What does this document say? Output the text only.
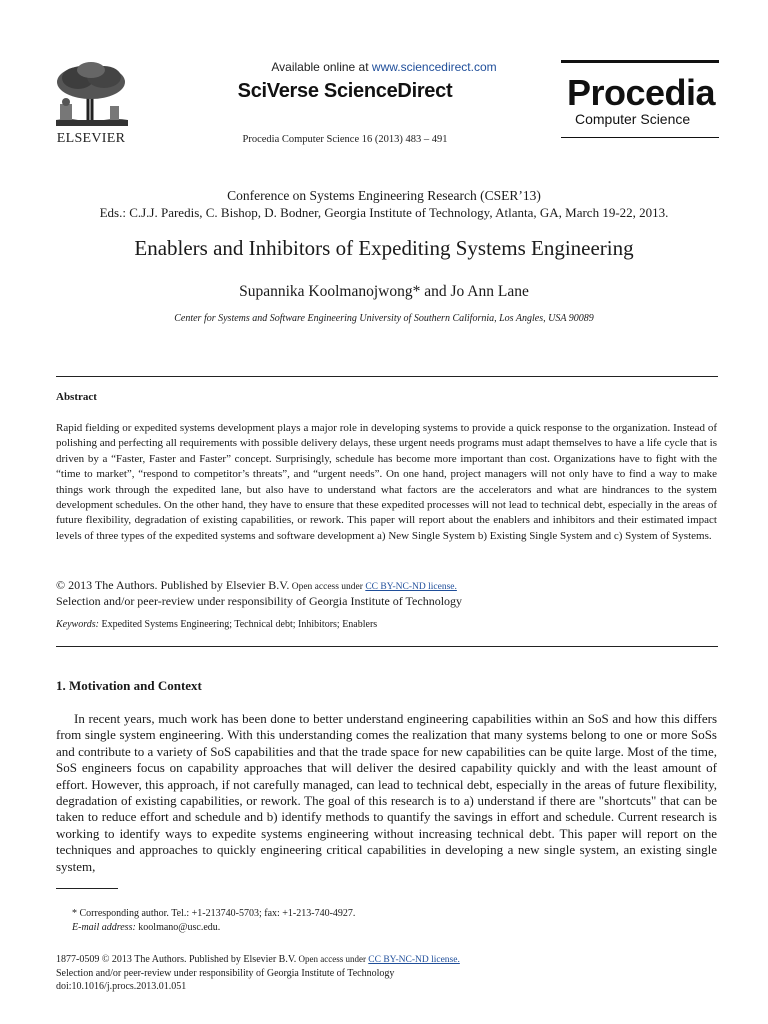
ELSEVIER
Available online at www.sciencedirect.com
SciVerse ScienceDirect
Procedia Computer Science 16 (2013) 483 – 491
Procedia
Computer Science
Conference on Systems Engineering Research (CSER’13)
Eds.: C.J.J. Paredis, C. Bishop, D. Bodner, Georgia Institute of Technology, Atlanta, GA, March 19-22, 2013.
Enablers and Inhibitors of Expediting Systems Engineering
Supannika Koolmanojwong* and Jo Ann Lane
Center for Systems and Software Engineering University of Southern California, Los Angles, USA 90089
Abstract
Rapid fielding or expedited systems development plays a major role in developing systems to provide a quick response to the organization. Instead of polishing and perfecting all requirements with possible delivery delays, these urgent needs programs must adapt themselves to have a life cycle that is driven by a “Faster, Faster and Faster” concept. Surprisingly, schedule has become more important than cost. Organizations have to fight with the “time to market”, “respond to competitor’s threats”, and “urgent needs”. On one hand, project managers will not only have to find a way to make things work through the expedited lane, but also have to understand what factors are the accelerators and what are hindrances to the system development schedules. On the other hand, they have to ensure that these expedited processes will not lead to technical debt, especially in the areas of future flexibility, degradation of existing capabilities, or rework. This paper will report about the enablers and inhibitors and their estimated impact levels of three types of the expedited systems and software development a) New Single System b) Existing Single System and c) System of Systems.
© 2013 The Authors. Published by Elsevier B.V. Open access under CC BY-NC-ND license.
Selection and/or peer-review under responsibility of Georgia Institute of Technology
Keywords: Expedited Systems Engineering; Technical debt; Inhibitors; Enablers
1. Motivation and Context
In recent years, much work has been done to better understand engineering capabilities within an SoS and how this differs from single system engineering. With this understanding comes the realization that many systems belong to one or more SoSs and contribute to a variety of SoS capabilities and that the trade space for new capabilities can be quite large. Most of the time, SoS engineers focus on capability approaches that will deliver the desired capability quickly and with the least amount of effort. However, this approach, if not carefully managed, can lead to technical debt, especially in the areas of future flexibility, degradation of existing capabilities, or rework. The goal of this research is to a) understand if there are "shortcuts" that can be taken to reduce effort and schedule and b) identify methods to quantify the savings in effort and schedule. Current research is working to identify ways to expedite systems engineering without increasing technical debt. This paper will report on the techniques and approaches to quickly engineering critical capabilities in developing a new single system, an existing single system,
* Corresponding author. Tel.: +1-213740-5703; fax: +1-213-740-4927.
E-mail address: koolmano@usc.edu.
1877-0509 © 2013 The Authors. Published by Elsevier B.V. Open access under CC BY-NC-ND license.
Selection and/or peer-review under responsibility of Georgia Institute of Technology
doi:10.1016/j.procs.2013.01.051
